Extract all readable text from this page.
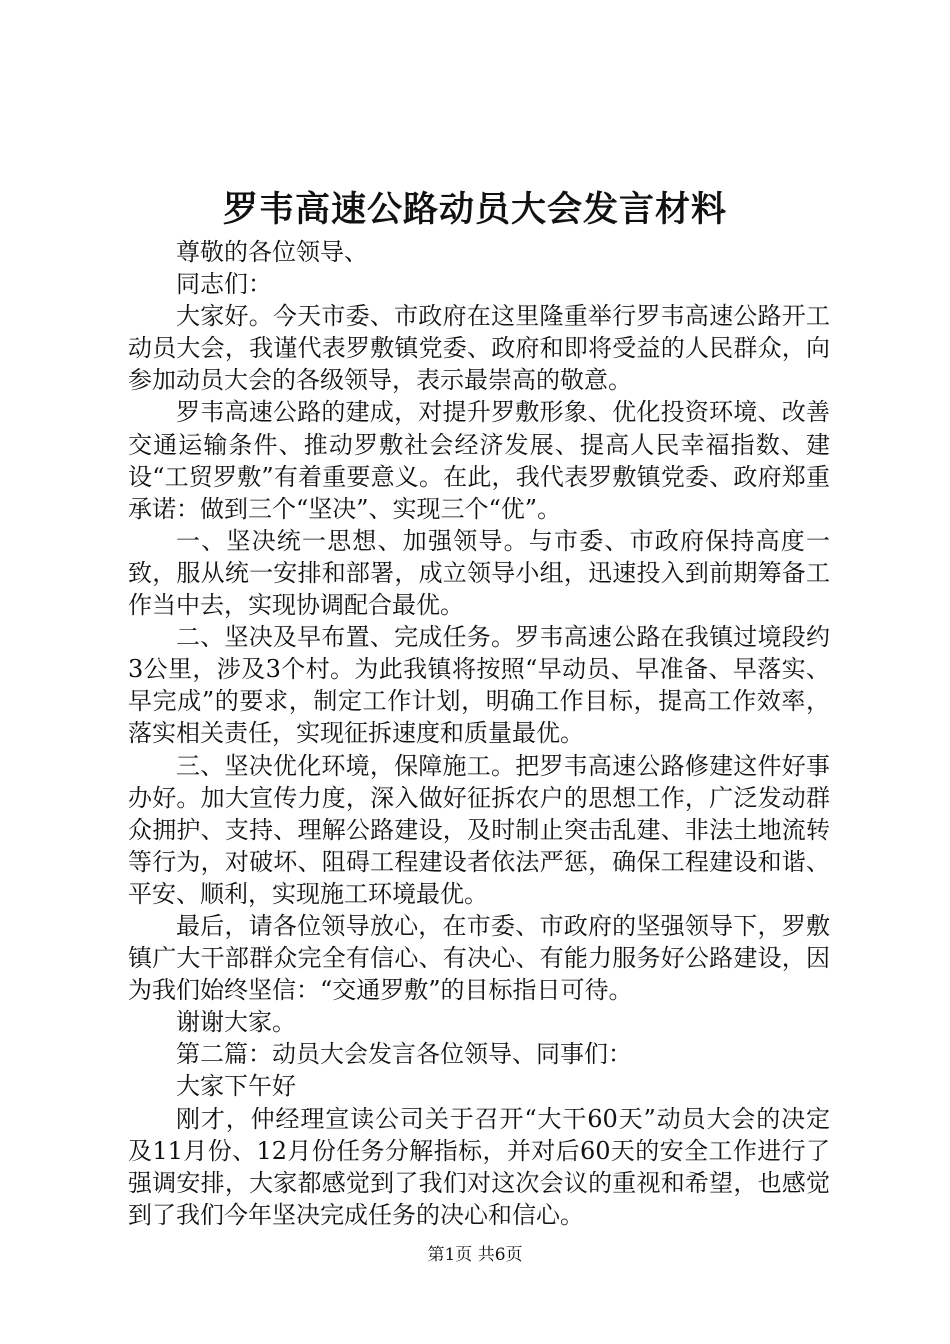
罗韦高速公路动员大会发言材料

尊敬的各位领导、

同志们：

大家好。今天市委、市政府在这里隆重举行罗韦高速公路开工动员大会，我谨代表罗敷镇党委、政府和即将受益的人民群众，向参加动员大会的各级领导，表示最崇高的敬意。

罗韦高速公路的建成，对提升罗敷形象、优化投资环境、改善交通运输条件、推动罗敷社会经济发展、提高人民幸福指数、建设“工贸罗敷”有着重要意义。在此，我代表罗敷镇党委、政府郑重承诺：做到三个“坚决”、实现三个“优”。

一、坚决统一思想、加强领导。与市委、市政府保持高度一致，服从统一安排和部署，成立领导小组，迅速投入到前期筹备工作当中去，实现协调配合最优。

二、坚决及早布置、完成任务。罗韦高速公路在我镇过境段约3公里，涉及3个村。为此我镇将按照“早动员、早准备、早落实、早完成”的要求，制定工作计划，明确工作目标，提高工作效率，落实相关责任，实现征拆速度和质量最优。

三、坚决优化环境，保障施工。把罗韦高速公路修建这件好事办好。加大宣传力度，深入做好征拆农户的思想工作，广泛发动群众拥护、支持、理解公路建设，及时制止突击乱建、非法土地流转等行为，对破坏、阻碍工程建设者依法严惩，确保工程建设和谐、平安、顺利，实现施工环境最优。

最后，请各位领导放心，在市委、市政府的坚强领导下，罗敷镇广大干部群众完全有信心、有决心、有能力服务好公路建设，因为我们始终坚信：“交通罗敷”的目标指日可待。

谢谢大家。

第二篇：动员大会发言各位领导、同事们：

大家下午好

刚才，仲经理宣读公司关于召开“大干60天”动员大会的决定及11月份、12月份任务分解指标，并对后60天的安全工作进行了强调安排，大家都感觉到了我们对这次会议的重视和希望，也感觉到了我们今年坚决完成任务的决心和信心。

第1页 共6页
